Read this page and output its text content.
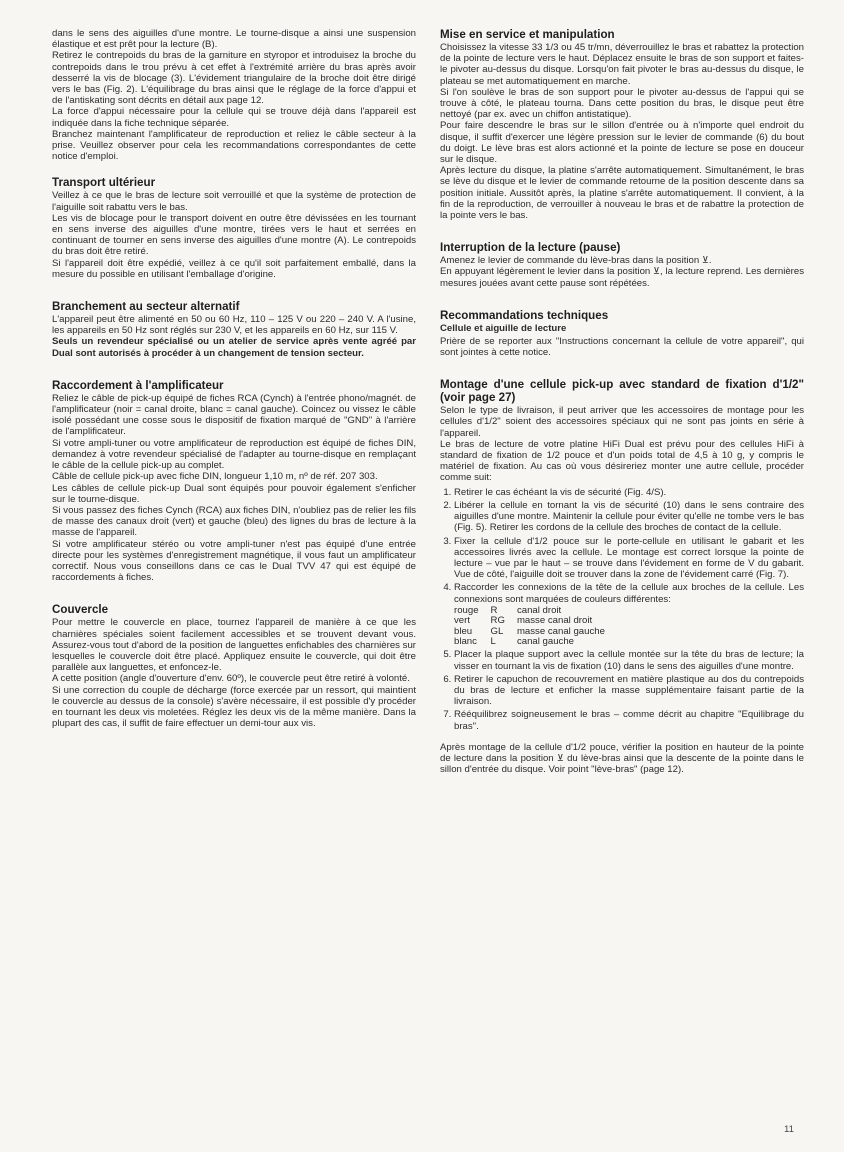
dans le sens des aiguilles d'une montre. Le tourne-disque a ainsi une suspension élastique et est prêt pour la lecture (B).

Retirez le contrepoids du bras de la garniture en styropor et introduisez la broche du contrepoids dans le trou prévu à cet effet à l'extrémité arrière du bras après avoir desserré la vis de blocage (3). L'évidement triangulaire de la broche doit être dirigé vers le bas (Fig. 2). L'équilibrage du bras ainsi que le réglage de la force d'appui et de l'antiskating sont décrits en détail aux page 12.

La force d'appui nécessaire pour la cellule qui se trouve déjà dans l'appareil est indiquée dans la fiche technique séparée.

Branchez maintenant l'amplificateur de reproduction et reliez le câble secteur à la prise. Veuillez observer pour cela les recommandations correspondantes de cette notice d'emploi.

Transport ultérieur

Veillez à ce que le bras de lecture soit verrouillé et que la système de protection de l'aiguille soit rabattu vers le bas.

Les vis de blocage pour le transport doivent en outre être dévissées en les tournant en sens inverse des aiguilles d'une montre, tirées vers le haut et serrées en continuant de tourner en sens inverse des aiguilles d'une montre (A). Le contrepoids du bras doit être retiré.

Si l'appareil doit être expédié, veillez à ce qu'il soit parfaitement emballé, dans la mesure du possible en utilisant l'emballage d'origine.

Branchement au secteur alternatif

L'appareil peut être alimenté en 50 ou 60 Hz, 110 – 125 V ou 220 – 240 V. A l'usine, les appareils en 50 Hz sont réglés sur 230 V, et les appareils en 60 Hz, sur 115 V.

Seuls un revendeur spécialisé ou un atelier de service après vente agréé par Dual sont autorisés à procéder à un changement de tension secteur.

Raccordement à l'amplificateur

Reliez le câble de pick-up équipé de fiches RCA (Cynch) à l'entrée phono/magnét. de l'amplificateur (noir = canal droite, blanc = canal gauche). Coincez ou vissez le câble isolé possédant une cosse sous le dispositif de fixation marqué de "GND" à l'arrière de l'amplificateur.

Si votre ampli-tuner ou votre amplificateur de reproduction est équipé de fiches DIN, demandez à votre revendeur spécialisé de l'adapter au tourne-disque en remplaçant le câble de la cellule pick-up au complet.

Câble de cellule pick-up avec fiche DIN, longueur 1,10 m, nº de réf. 207 303.

Les câbles de cellule pick-up Dual sont équipés pour pouvoir également s'enficher sur le tourne-disque.

Si vous passez des fiches Cynch (RCA) aux fiches DIN, n'oubliez pas de relier les fils de masse des canaux droit (vert) et gauche (bleu) des lignes du bras de lecture à la masse de l'appareil.

Si votre amplificateur stéréo ou votre ampli-tuner n'est pas équipé d'une entrée directe pour les systèmes d'enregistrement magnétique, il vous faut un amplificateur correctif. Nous vous conseillons dans ce cas le Dual TVV 47 qui est équipé de raccordements à fiches.

Couvercle

Pour mettre le couvercle en place, tournez l'appareil de manière à ce que les charnières spéciales soient facilement accessibles et se trouvent devant vous. Assurez-vous tout d'abord de la position de languettes enfichables des charnières sur lesquelles le couvercle doit être placé. Appliquez ensuite le couvercle, qui doit être parallèle aux languettes, et enfoncez-le.

A cette position (angle d'ouverture d'env. 60º), le couvercle peut être retiré à volonté.

Si une correction du couple de décharge (force exercée par un ressort, qui maintient le couvercle au dessus de la console) s'avère nécessaire, il est possible d'y procéder en tournant les deux vis moletées. Réglez les deux vis de la même manière. Dans la plupart des cas, il suffit de faire effectuer un demi-tour aux vis.

Mise en service et manipulation

Choisissez la vitesse 33 1/3 ou 45 tr/mn, déverrouillez le bras et rabattez la protection de la pointe de lecture vers le haut. Déplacez ensuite le bras de son support et faites-le pivoter au-dessus du disque. Lorsqu'on fait pivoter le bras au-dessus du disque, le plateau se met automatiquement en marche.

Si l'on soulève le bras de son support pour le pivoter au-dessus de l'appui qui se trouve à côté, le plateau tourna. Dans cette position du bras, le disque peut être nettoyé (par ex. avec un chiffon antistatique).

Pour faire descendre le bras sur le sillon d'entrée ou à n'importe quel endroit du disque, il suffit d'exercer une légère pression sur le levier de commande (6) du bout du doigt. Le lève bras est alors actionné et la pointe de lecture se pose en douceur sur le disque.

Après lecture du disque, la platine s'arrête automatiquement. Simultanément, le bras se lève du disque et le levier de commande retourne de la position descente dans sa position initiale. Aussitôt après, la platine s'arrête automatiquement. Il convient, à la fin de la reproduction, de verrouiller à nouveau le bras et de rabattre la protection de la pointe vers le bas.

Interruption de la lecture (pause)

Amenez le levier de commande du lève-bras dans la position ⊻.

En appuyant légèrement le levier dans la position ⊻, la lecture reprend. Les dernières mesures jouées avant cette pause sont répétées.

Recommandations techniques
Cellule et aiguille de lecture

Prière de se reporter aux "Instructions concernant la cellule de votre appareil", qui sont jointes à cette notice.

Montage d'une cellule pick-up avec standard de fixation d'1/2" (voir page 27)

Selon le type de livraison, il peut arriver que les accessoires de montage pour les cellules d'1/2" soient des accessoires spéciaux qui ne sont pas joints en série à l'appareil.

Le bras de lecture de votre platine HiFi Dual est prévu pour des cellules HiFi à standard de fixation de 1/2 pouce et d'un poids total de 4,5 à 10 g, y compris le matériel de fixation. Au cas où vous désireriez monter une autre cellule, procéder comme suit:

1. Retirer le cas échéant la vis de sécurité (Fig. 4/S).
2. Libérer la cellule en tornant la vis de sécurité (10) dans le sens contraire des aiguilles d'une montre. Maintenir la cellule pour éviter qu'elle ne tombe vers le bas (Fig. 5). Retirer les cordons de la cellule des broches de contact de la cellule.
3. Fixer la cellule d'1/2 pouce sur le porte-cellule en utilisant le gabarit et les accessoires livrés avec la cellule. Le montage est correct lorsque la pointe de lecture – vue par le haut – se trouve dans l'évidement en forme de V du gabarit. Vue de côté, l'aiguille doit se trouver dans la zone de l'évidement carré (Fig. 7).
4. Raccorder les connexions de la tête de la cellule aux broches de la cellule. Les connexions sont marquées de couleurs différentes:
rouge	R	canal droit
vert	RG	masse canal droit
bleu	GL	masse canal gauche
blanc	L	canal gauche
5. Placer la plaque support avec la cellule montée sur la tête du bras de lecture; la visser en tournant la vis de fixation (10) dans le sens des aiguilles d'une montre.
6. Retirer le capuchon de recouvrement en matière plastique au dos du contrepoids du bras de lecture et enficher la masse supplémentaire faisant partie de la livraison.
7. Rééquilibrez soigneusement le bras – comme décrit au chapitre "Equilibrage du bras".

Après montage de la cellule d'1/2 pouce, vérifier la position en hauteur de la pointe de lecture dans la position ⊻ du lève-bras ainsi que la descente de la pointe dans le sillon d'entrée du disque. Voir point "lève-bras" (page 12).

11
